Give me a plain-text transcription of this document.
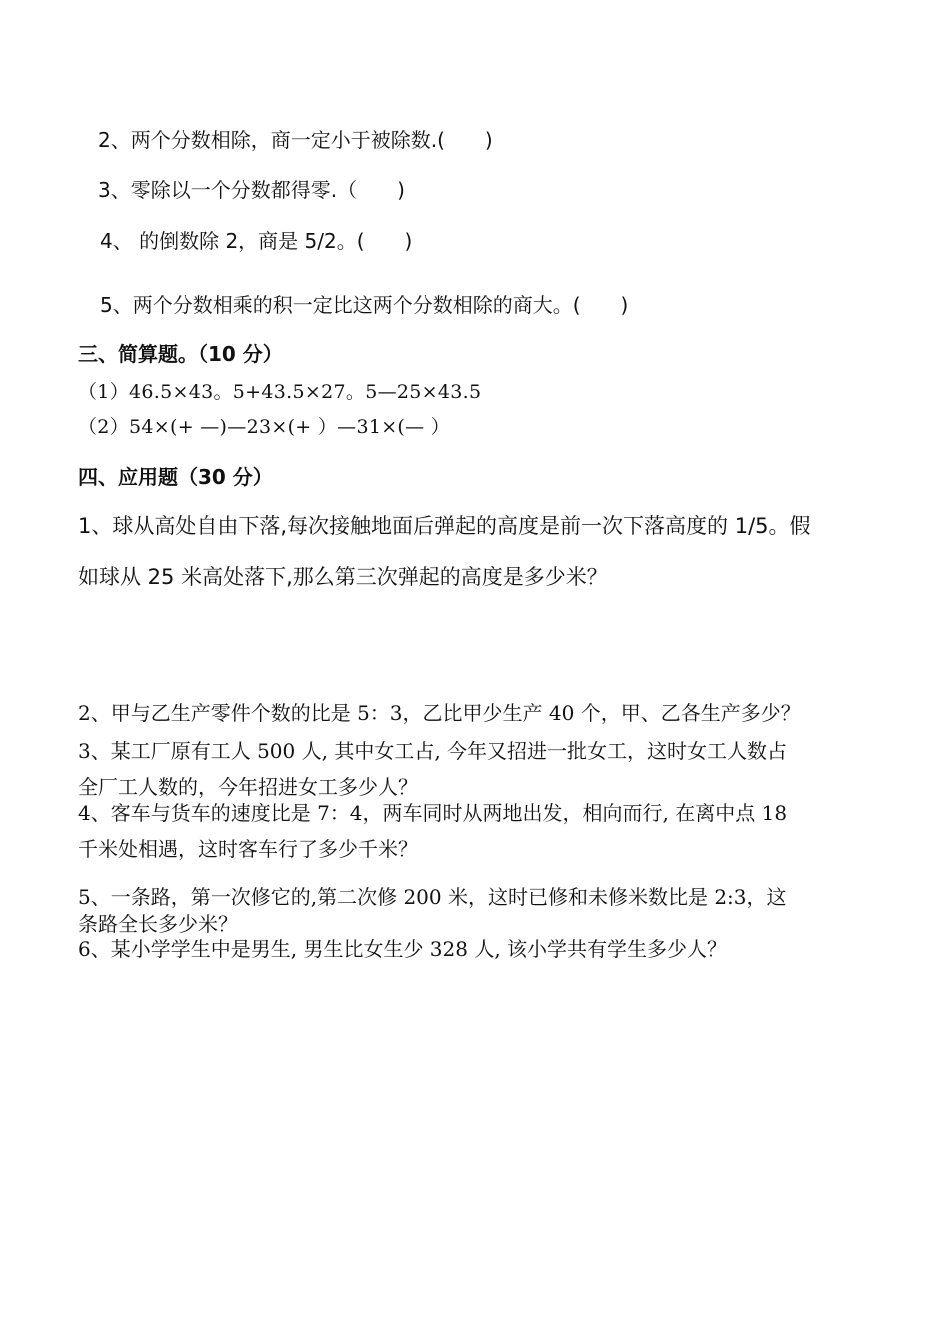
2、两个分数相除，商一定小于被除数.(　　)
3、零除以一个分数都得零.（　　)
4、 的倒数除 2，商是 5/2。(　　)
5、两个分数相乘的积一定比这两个分数相除的商大。(　　)
三、简算题。（10 分）
（1）46.5×43。5+43.5×27。5—25×43.5
（2）54×(+ —)—23×(+ ）—31×(— ）
四、应用题（30 分）
1、球从高处自由下落,每次接触地面后弹起的高度是前一次下落高度的 1/5。假
如球从 25 米高处落下,那么第三次弹起的高度是多少米？
2、甲与乙生产零件个数的比是 5：3，乙比甲少生产 40 个，甲、乙各生产多少？
3、某工厂原有工人 500 人, 其中女工占, 今年又招进一批女工，这时女工人数占
全厂工人数的，今年招进女工多少人？
4、客车与货车的速度比是 7：4，两车同时从两地出发，相向而行, 在离中点 18
千米处相遇，这时客车行了多少千米？
5、一条路，第一次修它的,第二次修 200 米，这时已修和未修米数比是 2:3，这
条路全长多少米？
6、某小学学生中是男生, 男生比女生少 328 人, 该小学共有学生多少人？
